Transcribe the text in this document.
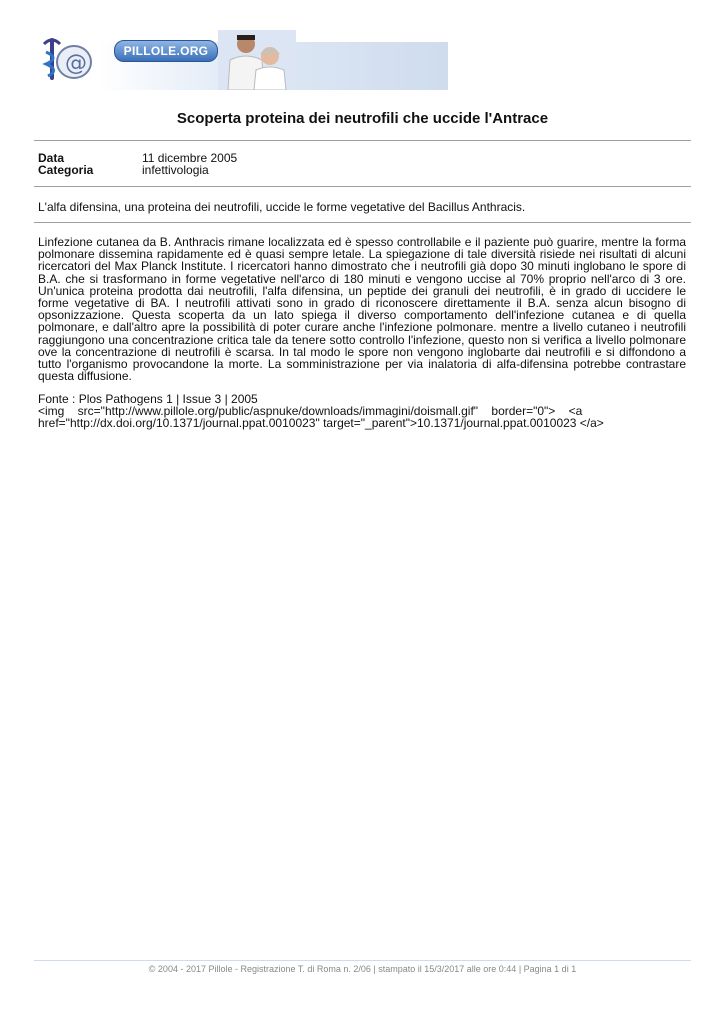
@	PILLOLE.ORG
Scoperta proteina dei neutrofili che uccide l'Antrace
Data	11 dicembre 2005
Categoria	infettivologia
L'alfa difensina, una proteina dei neutrofili, uccide le forme vegetative del Bacillus Anthracis.
Linfezione cutanea da B. Anthracis rimane localizzata ed è spesso controllabile e il paziente può guarire, mentre la forma polmonare dissemina rapidamente ed è quasi sempre letale. La spiegazione di tale diversità risiede nei risultati di alcuni ricercatori del Max Planck Institute. I ricercatori hanno dimostrato che i neutrofili già dopo 30 minuti inglobano le spore di B.A. che si trasformano in forme vegetative nell'arco di 180 minuti e vengono uccise al 70% proprio nell'arco di 3 ore. Un'unica proteina prodotta dai neutrofili, l'alfa difensina, un peptide dei granuli dei neutrofili, è in grado di uccidere le forme vegetative di BA. I neutrofili attivati sono in grado di riconoscere direttamente il B.A. senza alcun bisogno di opsonizzazione. Questa scoperta da un lato spiega il diverso comportamento dell'infezione cutanea e di quella polmonare, e dall'altro apre la possibilità di poter curare anche l'infezione polmonare. mentre a livello cutaneo i neutrofili raggiungono una concentrazione critica tale da tenere sotto controllo l'infezione, questo non si verifica a livello polmonare ove la concentrazione di neutrofili è scarsa. In tal modo le spore non vengono inglobarte dai neutrofili e si diffondono a tutto l'organismo provocandone la morte. La somministrazione per via inalatoria di alfa-difensina potrebbe contrastare questa diffusione.
Fonte : Plos Pathogens 1 | Issue 3 | 2005
<img    src="http://www.pillole.org/public/aspnuke/downloads/immagini/doismall.gif"    border="0">    <a
href="http://dx.doi.org/10.1371/journal.ppat.0010023" target="_parent">10.1371/journal.ppat.0010023 </a>
© 2004 - 2017 Pillole - Registrazione T. di Roma n. 2/06 | stampato il 15/3/2017 alle ore 0:44 | Pagina 1 di 1
